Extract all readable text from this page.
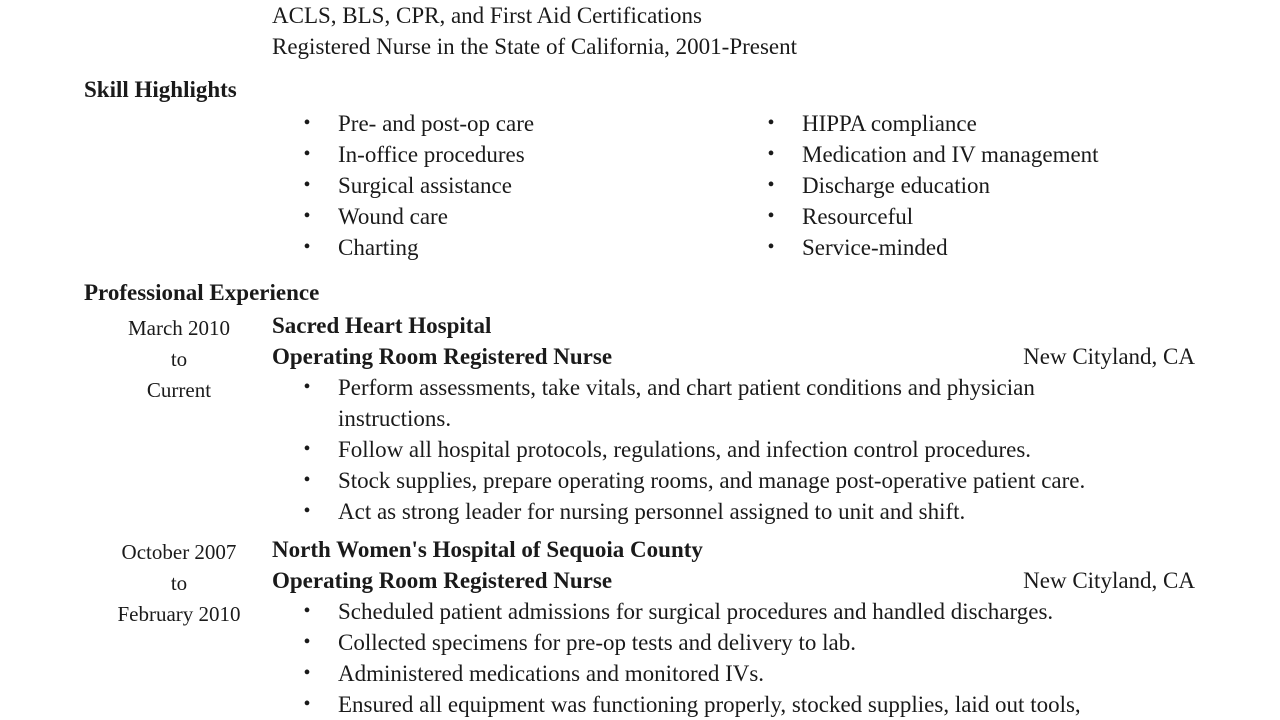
ACLS, BLS, CPR, and First Aid Certifications
Registered Nurse in the State of California, 2001-Present
Skill Highlights
• Pre- and post-op care
• In-office procedures
• Surgical assistance
• Wound care
• Charting
• HIPPA compliance
• Medication and IV management
• Discharge education
• Resourceful
• Service-minded
Professional Experience
March 2010
to
Current
Sacred Heart Hospital
Operating Room Registered Nurse	New Cityland, CA
• Perform assessments, take vitals, and chart patient conditions and physician
instructions.
• Follow all hospital protocols, regulations, and infection control procedures.
• Stock supplies, prepare operating rooms, and manage post-operative patient care.
• Act as strong leader for nursing personnel assigned to unit and shift.
October 2007
to
February 2010
North Women's Hospital of Sequoia County
Operating Room Registered Nurse	New Cityland, CA
• Scheduled patient admissions for surgical procedures and handled discharges.
• Collected specimens for pre-op tests and delivery to lab.
• Administered medications and monitored IVs.
• Ensured all equipment was functioning properly, stocked supplies, laid out tools,
